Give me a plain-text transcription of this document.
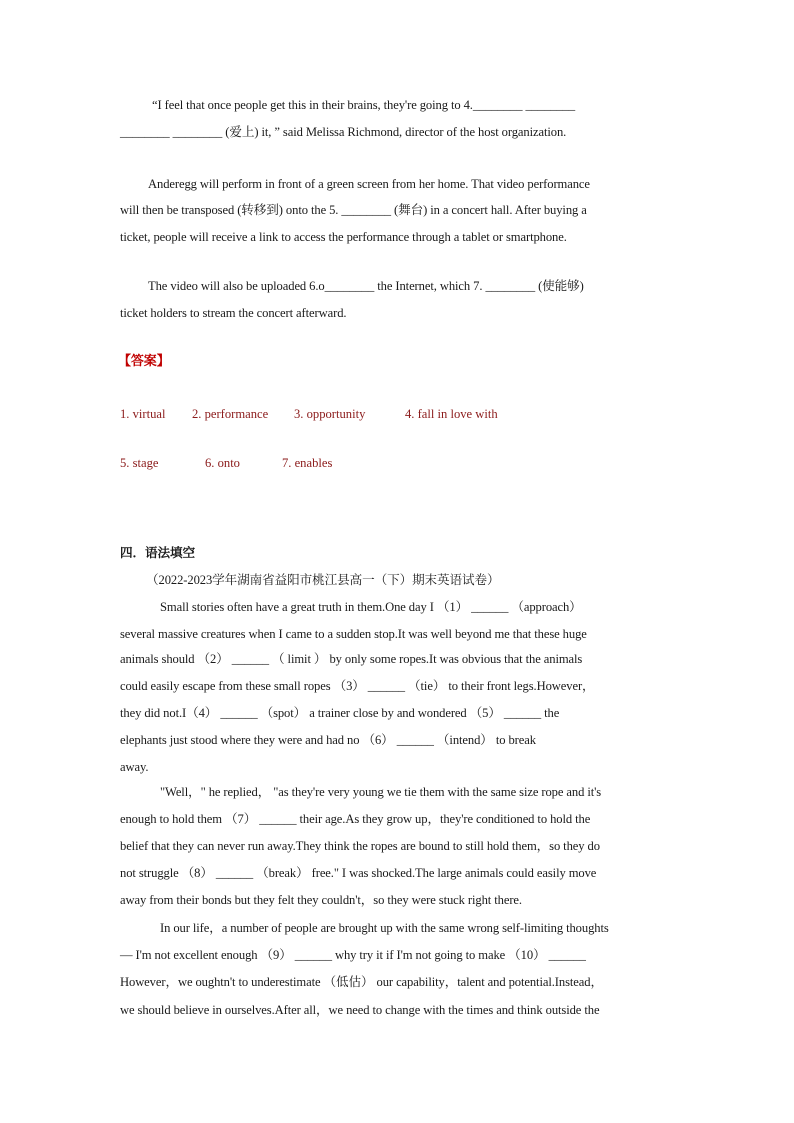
“I feel that once people get this in their brains, they're going to 4.________ ________
________ ________ (爱上) it, ” said Melissa Richmond, director of the host organization.
Anderegg will perform in front of a green screen from her home. That video performance
will then be transposed (转移到) onto the 5. ________ (舞台) in a concert hall. After buying a
ticket, people will receive a link to access the performance through a tablet or smartphone.
The video will also be uploaded 6.o________ the Internet, which 7. ________ (使能够)
ticket holders to stream the concert afterward.
【答案】
1. virtual 2. performance 3. opportunity	4. fall in love with
5. stage	6. onto	7. enables
四．语法填空
（2022-2023学年湖南省益阳市桃江县高一（下）期末英语试卷）
Small stories often have a great truth in them.One day I （1） ______ （approach）
several massive creatures when I came to a sudden stop.It was well beyond me that these huge
animals should （2） ______ （ limit ） by only some ropes.It was obvious that the animals
could easily escape from these small ropes （3） ______ （tie） to their front legs.However，
they did not.I（4） ______ （spot） a trainer close by and wondered （5） ______ the
elephants just stood where they were and had no （6） ______ （intend） to break
away.
"Well，" he replied， "as they're very young we tie them with the same size rope and it's
enough to hold them （7） ______ their age.As they grow up，they're conditioned to hold the
belief that they can never run away.They think the ropes are bound to still hold them，so they do
not struggle （8） ______ （break） free." I was shocked.The large animals could easily move
away from their bonds but they felt they couldn't，so they were stuck right there.
In our life，a number of people are brought up with the same wrong self-limiting thoughts
— I'm not excellent enough （9） ______ why try it if I'm not going to make （10） ______
However，we oughtn't to underestimate （低估） our capability，talent and potential.Instead，
we should believe in ourselves.After all，we need to change with the times and think outside the
